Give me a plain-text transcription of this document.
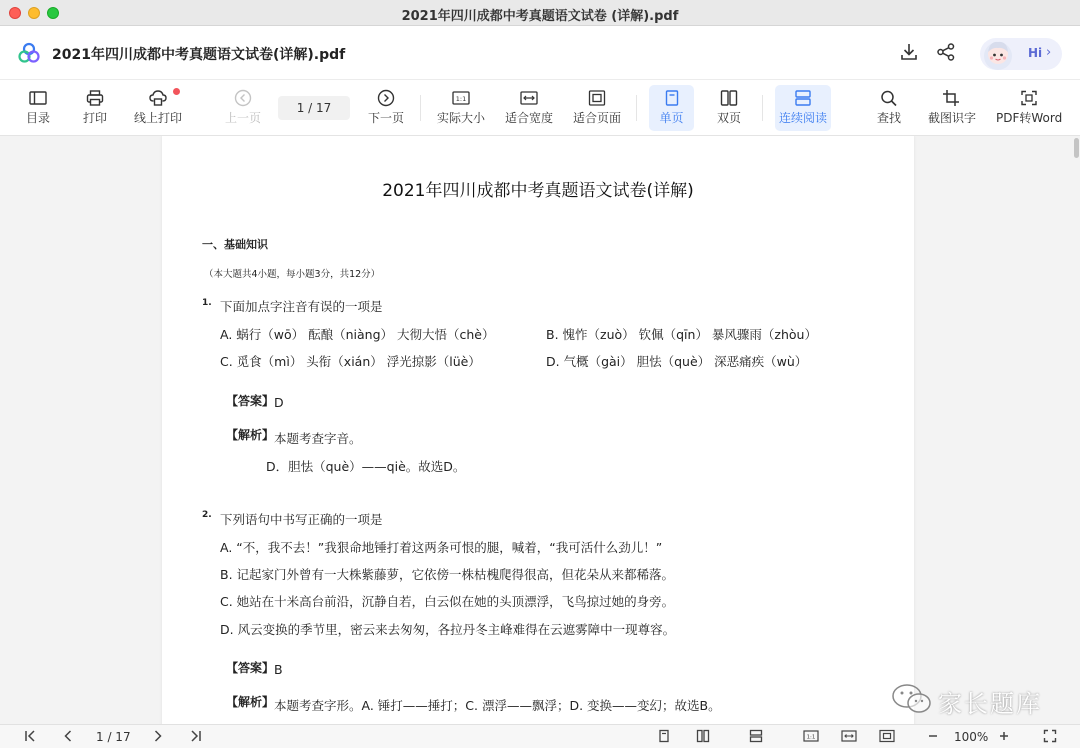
2021年四川成都中考真题语文试卷 (详解).pdf
2021年四川成都中考真题语文试卷(详解).pdf	Hi ›
目录	打印	线上打印	上一页
1 / 17
下一页
1:1
实际大小 适合宽度 适合页面	单页	双页	连续阅读	查找	截图识字 PDF转Word
2021年四川成都中考真题语文试卷(详解)
一、基础知识
（本大题共4小题，每小题3分，共12分）
1. 下面加点字注音有误的一项是
A. 蜗行（wō） 酝酿（niàng） 大彻大悟（chè）	B. 愧怍（zuò） 钦佩（qīn） 暴风骤雨（zhòu）
C. 觅食（mì） 头衔（xián） 浮光掠影（lüè）	D. 气概（gài） 胆怯（què） 深恶痛疾（wù）
【答案】 D
【解析】 本题考查字音。
D．胆怯（què）——qiè。故选D。
2. 下列语句中书写正确的一项是
A. “不，我不去！”我狠命地锤打着这两条可恨的腿，喊着，“我可活什么劲儿！”
B. 记起家门外曾有一大株紫藤萝，它依傍一株枯槐爬得很高，但花朵从来都稀落。
C. 她站在十米高台前沿，沉静自若，白云似在她的头顶漂浮，飞鸟掠过她的身旁。
D. 风云变换的季节里，密云来去匆匆，各拉丹冬主峰难得在云遮雾障中一现尊容。
【答案】 B
【解析】 本题考查字形。A. 锤打——捶打；C. 漂浮——飘浮；D. 变换——变幻；故选B。	家长题库
1 / 17	1:1	100%
